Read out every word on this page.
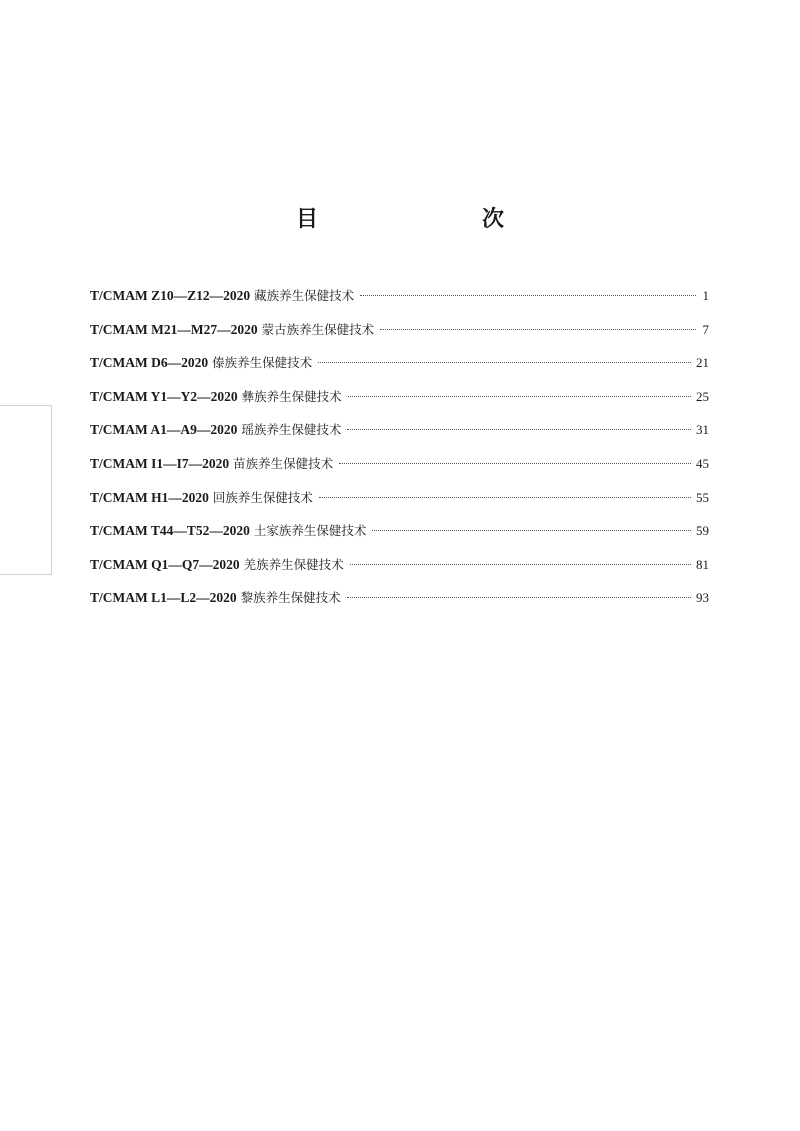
目　　次
T/CMAM Z10—Z12—2020 藏族养生保健技术	1
T/CMAM M21—M27—2020 蒙古族养生保健技术	7
T/CMAM D6—2020 傣族养生保健技术	21
T/CMAM Y1—Y2—2020 彝族养生保健技术	25
T/CMAM A1—A9—2020 瑶族养生保健技术	31
T/CMAM I1—I7—2020 苗族养生保健技术	45
T/CMAM H1—2020 回族养生保健技术	55
T/CMAM T44—T52—2020 土家族养生保健技术	59
T/CMAM Q1—Q7—2020 羌族养生保健技术	81
T/CMAM L1—L2—2020 黎族养生保健技术	93
